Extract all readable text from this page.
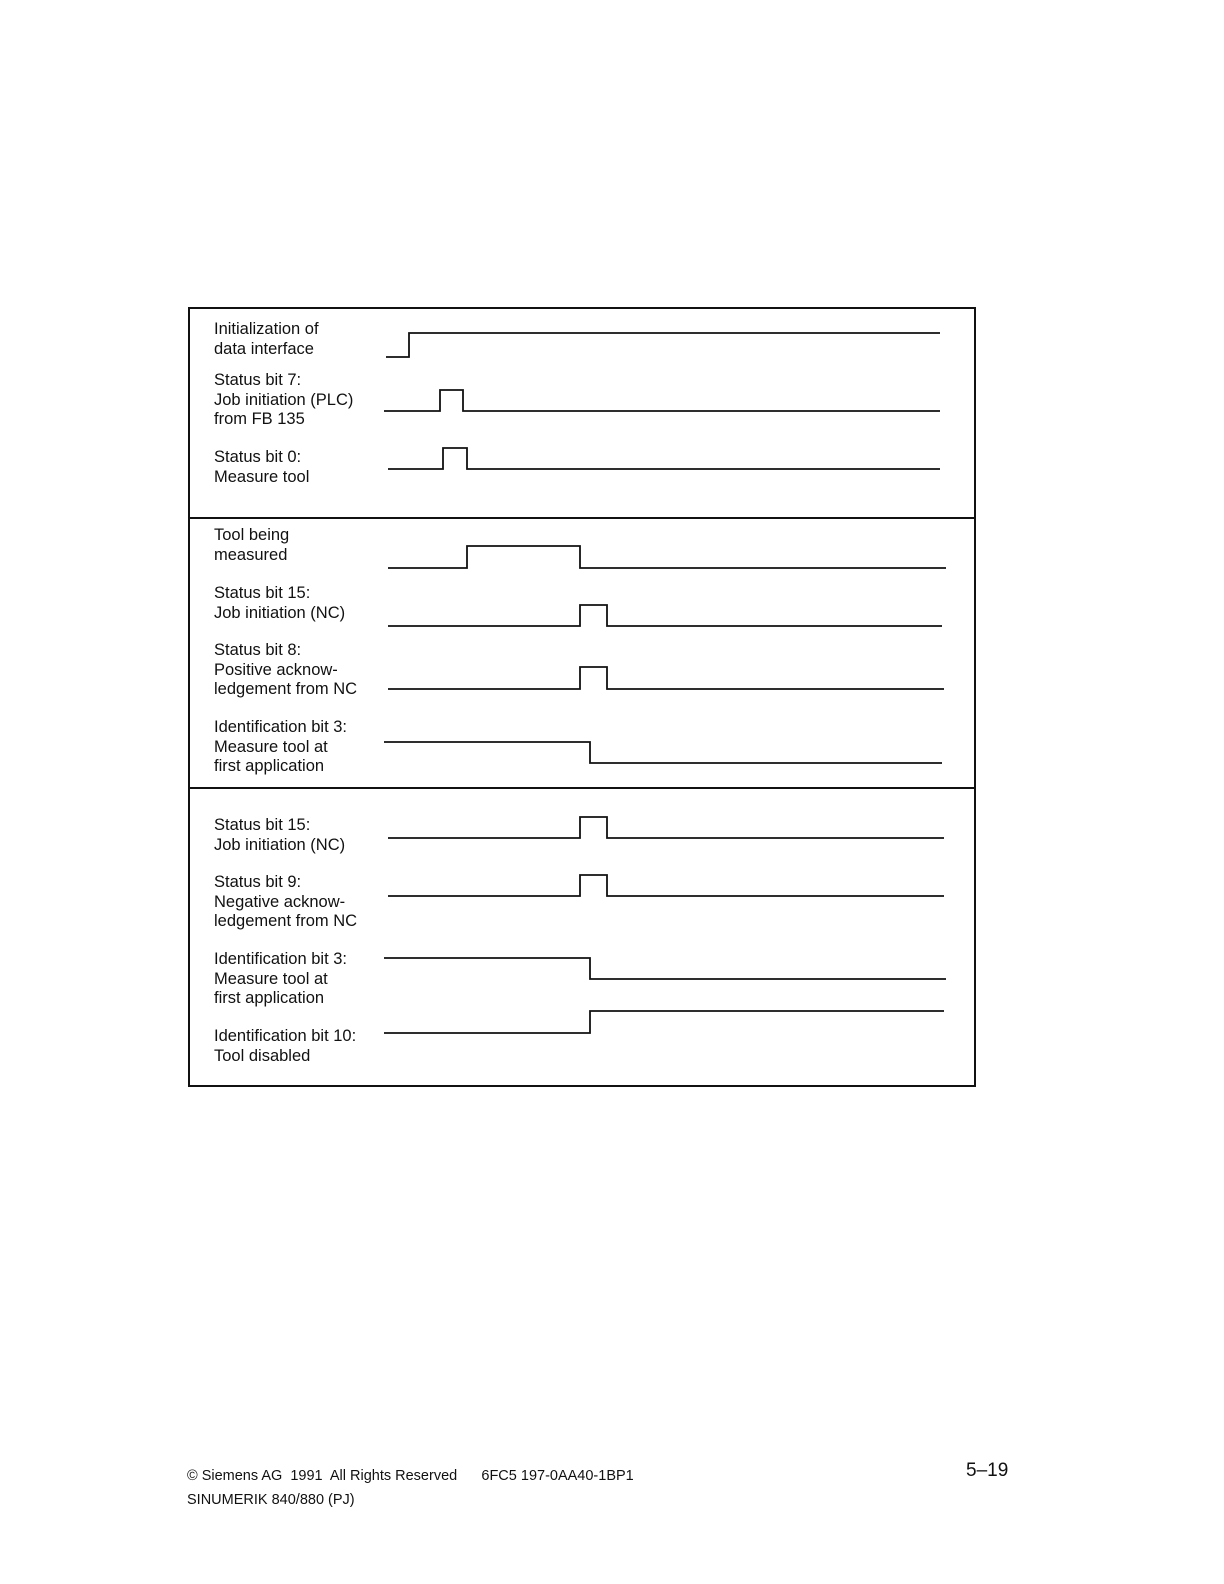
Initialization of
data interface
Status bit 7:
Job initiation (PLC)
from FB 135
Status bit 0:
Measure tool
Tool being
measured
Status bit 15:
Job initiation (NC)
Status bit 8:
Positive acknow-
ledgement from NC
Identification bit 3:
Measure tool at
first application
Status bit 15:
Job initiation (NC)
Status bit 9:
Negative acknow-
ledgement from NC
Identification bit 3:
Measure tool at
first application
Identification bit 10:
Tool disabled
© Siemens AG  1991  All Rights Reserved 6FC5 197-0AA40-1BP1
SINUMERIK 840/880 (PJ)
5–19
